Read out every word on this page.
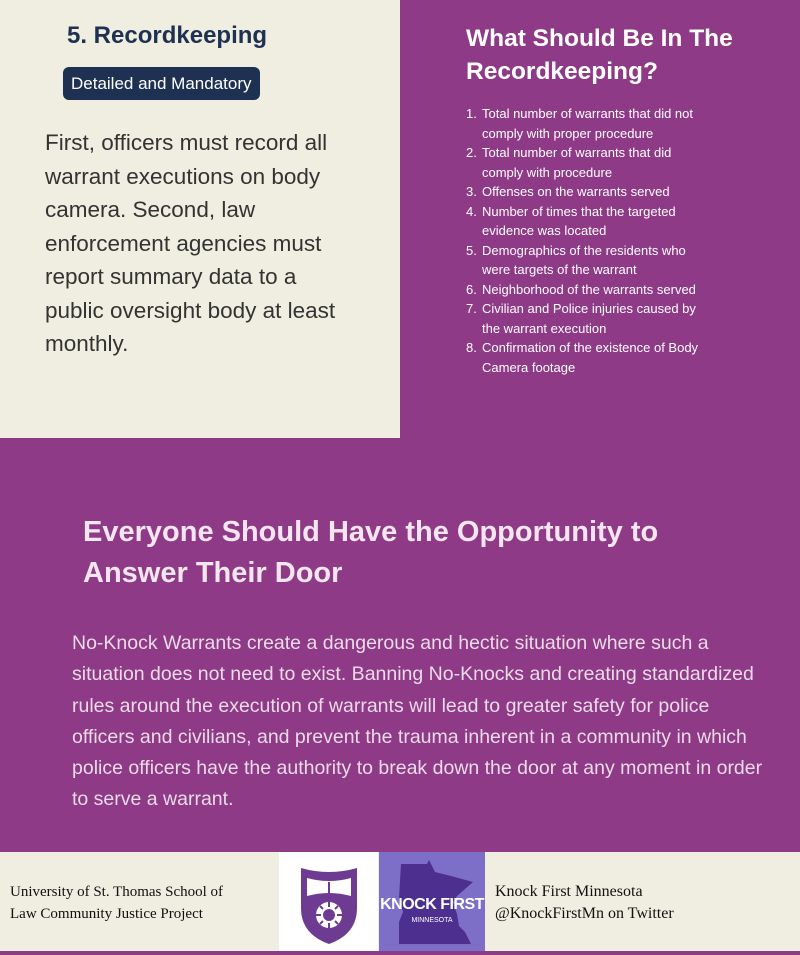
5. Recordkeeping
Detailed and Mandatory

First, officers must record all warrant executions on body camera. Second, law enforcement agencies must report summary data to a public oversight body at least monthly.

What Should Be In The Recordkeeping?
1. Total number of warrants that did not comply with proper procedure
2. Total number of warrants that did comply with procedure
3. Offenses on the warrants served
4. Number of times that the targeted evidence was located
5. Demographics of the residents who were targets of the warrant
6. Neighborhood of the warrants served
7. Civilian and Police injuries caused by the warrant execution
8. Confirmation of the existence of Body Camera footage
Everyone Should Have the Opportunity to Answer Their Door

No-Knock Warrants create a dangerous and hectic situation where such a situation does not need to exist. Banning No-Knocks and creating standardized rules around the execution of warrants will lead to greater safety for police officers and civilians, and prevent the trauma inherent in a community in which police officers have the authority to break down the door at any moment in order to serve a warrant.

University of St. Thomas School of Law Community Justice Project

KNOCK FIRST
MINNESOTA
Knock First Minnesota
@KnockFirstMn on Twitter
